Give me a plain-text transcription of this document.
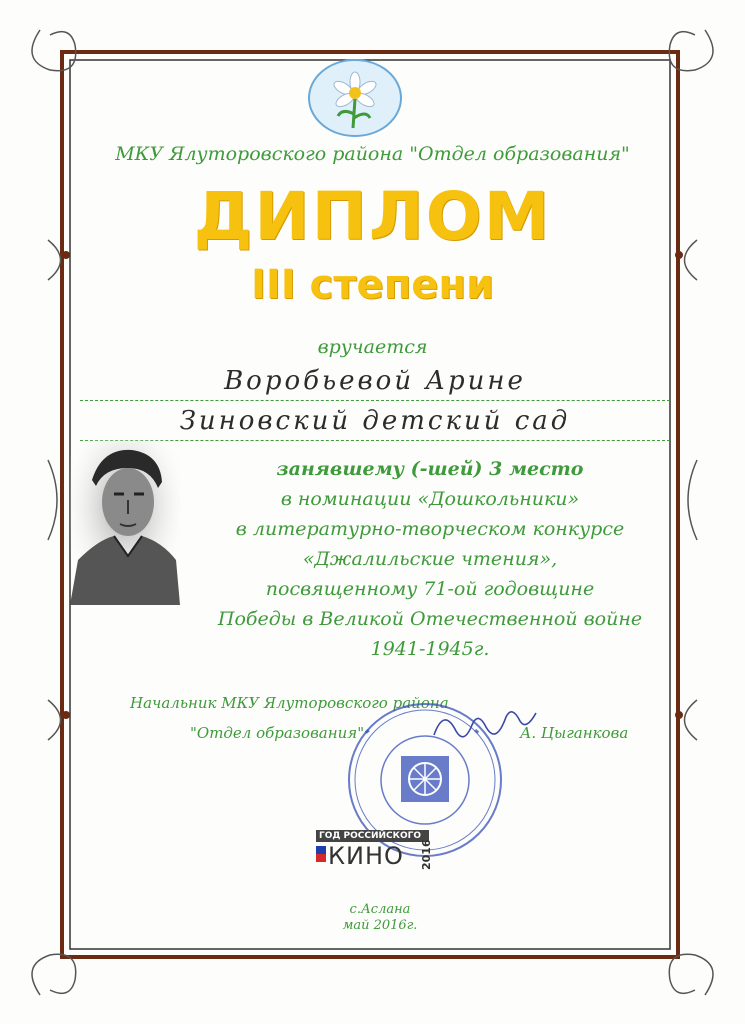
МКУ Ялуторовского района "Отдел образования"
ДИПЛОМ
III степени
вручается
Воробьевой Арине
Зиновский детский сад
занявшему (-шей) 3 место
в номинации «Дошкольники»
в литературно-творческом конкурсе
«Джалильские чтения»,
посвященному 71-ой годовщине
Победы в Великой Отечественной войне
1941-1945г.
Начальник МКУ Ялуторовского района
"Отдел образования"	А. Цыганкова
ГОД РОССИЙСКОГО
КИНО 2016
с.Аслана
май 2016г.
